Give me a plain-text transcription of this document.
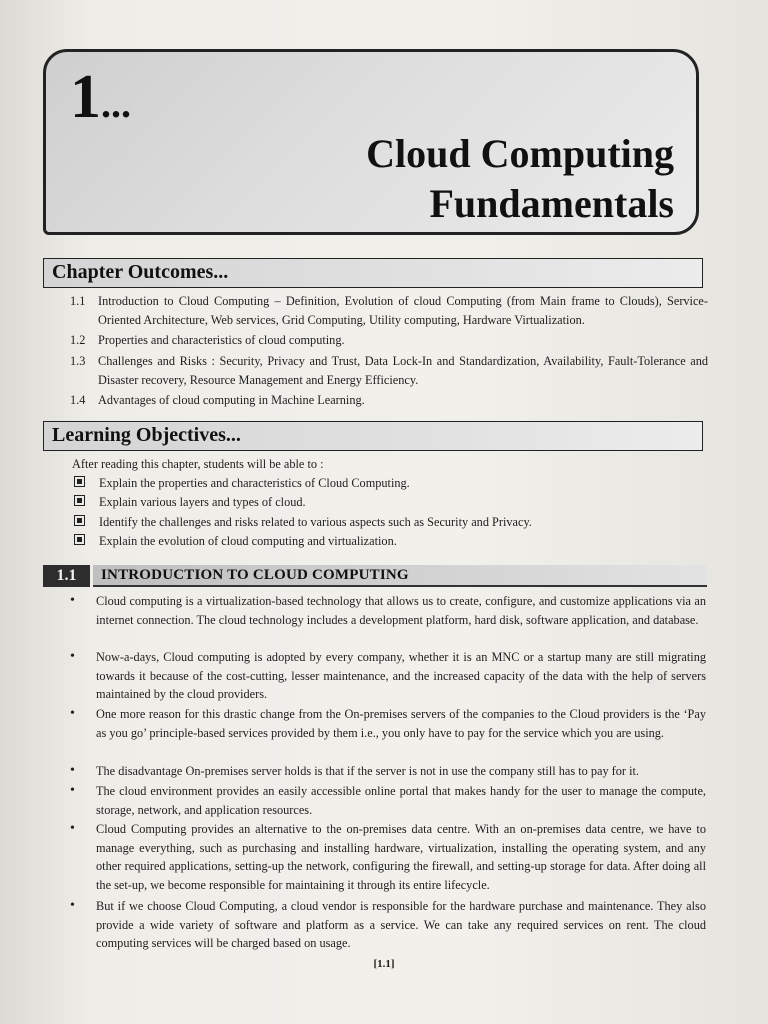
1...
Cloud Computing
Fundamentals
Chapter Outcomes...
1.1 Introduction to Cloud Computing – Definition, Evolution of cloud Computing (from Main frame to Clouds), Service-Oriented Architecture, Web services, Grid Computing, Utility computing, Hardware Virtualization.
1.2 Properties and characteristics of cloud computing.
1.3 Challenges and Risks : Security, Privacy and Trust, Data Lock-In and Standardization, Availability, Fault-Tolerance and Disaster recovery, Resource Management and Energy Efficiency.
1.4 Advantages of cloud computing in Machine Learning.
Learning Objectives...
After reading this chapter, students will be able to :
Explain the properties and characteristics of Cloud Computing.
Explain various layers and types of cloud.
Identify the challenges and risks related to various aspects such as Security and Privacy.
Explain the evolution of cloud computing and virtualization.
1.1	INTRODUCTION TO CLOUD COMPUTING
• Cloud computing is a virtualization-based technology that allows us to create, configure, and customize applications via an internet connection. The cloud technology includes a development platform, hard disk, software application, and database.
• Now-a-days, Cloud computing is adopted by every company, whether it is an MNC or a startup many are still migrating towards it because of the cost-cutting, lesser maintenance, and the increased capacity of the data with the help of servers maintained by the cloud providers.
• One more reason for this drastic change from the On-premises servers of the companies to the Cloud providers is the ‘Pay as you go’ principle-based services provided by them i.e., you only have to pay for the service which you are using.
• The disadvantage On-premises server holds is that if the server is not in use the company still has to pay for it.
• The cloud environment provides an easily accessible online portal that makes handy for the user to manage the compute, storage, network, and application resources.
• Cloud Computing provides an alternative to the on-premises data centre. With an on-premises data centre, we have to manage everything, such as purchasing and installing hardware, virtualization, installing the operating system, and any other required applications, setting-up the network, configuring the firewall, and setting-up storage for data. After doing all the set-up, we become responsible for maintaining it through its entire lifecycle.
• But if we choose Cloud Computing, a cloud vendor is responsible for the hardware purchase and maintenance. They also provide a wide variety of software and platform as a service. We can take any required services on rent. The cloud computing services will be charged based on usage.
[1.1]
